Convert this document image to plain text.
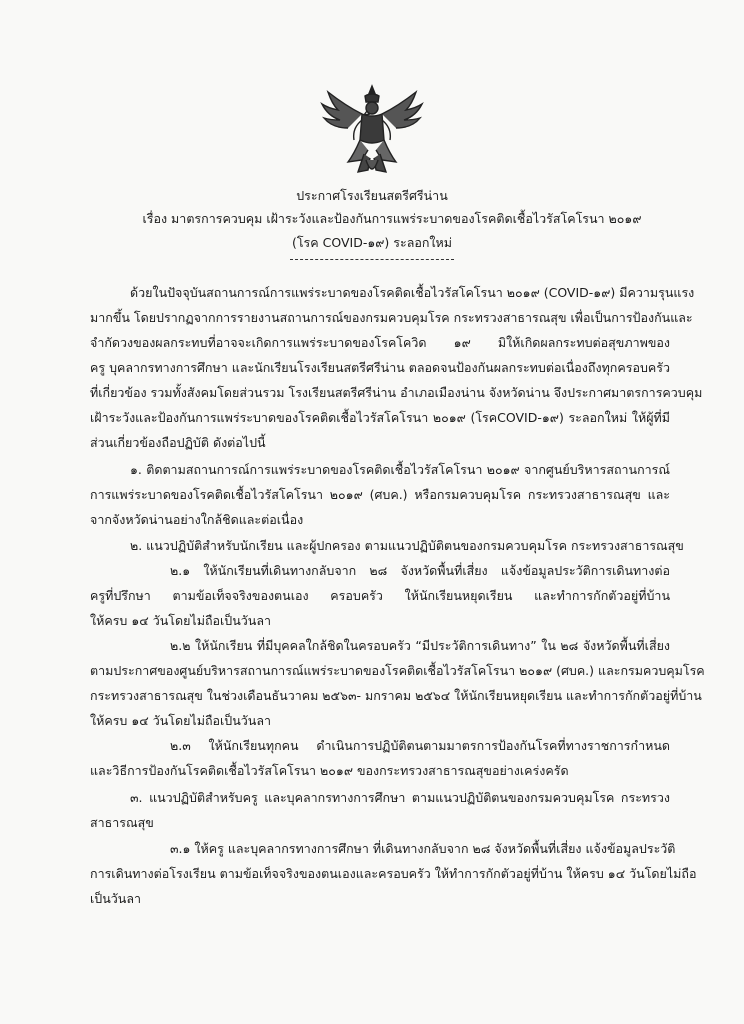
ประกาศโรงเรียนสตรีศรีน่าน
เรื่อง มาตรการควบคุม เฝ้าระวังและป้องกันการแพร่ระบาดของโรคติดเชื้อไวรัสโคโรนา ๒๐๑๙
(โรค COVID-๑๙) ระลอกใหม่
ด้วยในปัจจุบันสถานการณ์การแพร่ระบาดของโรคติดเชื้อไวรัสโคโรนา ๒๐๑๙ (COVID-๑๙) มีความรุนแรง
มากขึ้น โดยปรากฏจากการรายงานสถานการณ์ของกรมควบคุมโรค กระทรวงสาธารณสุข เพื่อเป็นการป้องกันและ
จำกัดวงของผลกระทบที่อาจจะเกิดการแพร่ระบาดของโรคโควิด ๑๙ มิให้เกิดผลกระทบต่อสุขภาพของ
ครู บุคลากรทางการศึกษา และนักเรียนโรงเรียนสตรีศรีน่าน ตลอดจนป้องกันผลกระทบต่อเนื่องถึงทุกครอบครัว
ที่เกี่ยวข้อง รวมทั้งสังคมโดยส่วนรวม โรงเรียนสตรีศรีน่าน อำเภอเมืองน่าน จังหวัดน่าน จึงประกาศมาตรการควบคุม
เฝ้าระวังและป้องกันการแพร่ระบาดของโรคติดเชื้อไวรัสโคโรนา ๒๐๑๙ (โรคCOVID-๑๙) ระลอกใหม่ ให้ผู้ที่มี
ส่วนเกี่ยวข้องถือปฏิบัติ ดังต่อไปนี้
๑. ติดตามสถานการณ์การแพร่ระบาดของโรคติดเชื้อไวรัสโคโรนา ๒๐๑๙ จากศูนย์บริหารสถานการณ์
การแพร่ระบาดของโรคติดเชื้อไวรัสโคโรนา ๒๐๑๙ (ศบค.) หรือกรมควบคุมโรค กระทรวงสาธารณสุข และ
จากจังหวัดน่านอย่างใกล้ชิดและต่อเนื่อง
๒. แนวปฏิบัติสำหรับนักเรียน และผู้ปกครอง ตามแนวปฏิบัติตนของกรมควบคุมโรค กระทรวงสาธารณสุข
๒.๑ ให้นักเรียนที่เดินทางกลับจาก ๒๘ จังหวัดพื้นที่เสี่ยง แจ้งข้อมูลประวัติการเดินทางต่อ
ครูที่ปรึกษา ตามข้อเท็จจริงของตนเอง ครอบครัว ให้นักเรียนหยุดเรียน และทำการกักตัวอยู่ที่บ้าน
ให้ครบ ๑๔ วันโดยไม่ถือเป็นวันลา
๒.๒ ให้นักเรียน ที่มีบุคคลใกล้ชิดในครอบครัว “มีประวัติการเดินทาง” ใน ๒๘ จังหวัดพื้นที่เสี่ยง
ตามประกาศของศูนย์บริหารสถานการณ์แพร่ระบาดของโรคติดเชื้อไวรัสโคโรนา ๒๐๑๙ (ศบค.) และกรมควบคุมโรค
กระทรวงสาธารณสุข ในช่วงเดือนธันวาคม ๒๕๖๓- มกราคม ๒๕๖๔ ให้นักเรียนหยุดเรียน และทำการกักตัวอยู่ที่บ้าน
ให้ครบ ๑๔ วันโดยไม่ถือเป็นวันลา
๒.๓ ให้นักเรียนทุกคน ดำเนินการปฏิบัติตนตามมาตรการป้องกันโรคที่ทางราชการกำหนด
และวิธีการป้องกันโรคติดเชื้อไวรัสโคโรนา ๒๐๑๙ ของกระทรวงสาธารณสุขอย่างเคร่งครัด
๓. แนวปฏิบัติสำหรับครู และบุคลากรทางการศึกษา ตามแนวปฏิบัติตนของกรมควบคุมโรค กระทรวง
สาธารณสุข
๓.๑ ให้ครู และบุคลากรทางการศึกษา ที่เดินทางกลับจาก ๒๘ จังหวัดพื้นที่เสี่ยง แจ้งข้อมูลประวัติ
การเดินทางต่อโรงเรียน ตามข้อเท็จจริงของตนเองและครอบครัว ให้ทำการกักตัวอยู่ที่บ้าน ให้ครบ ๑๔ วันโดยไม่ถือ
เป็นวันลา
